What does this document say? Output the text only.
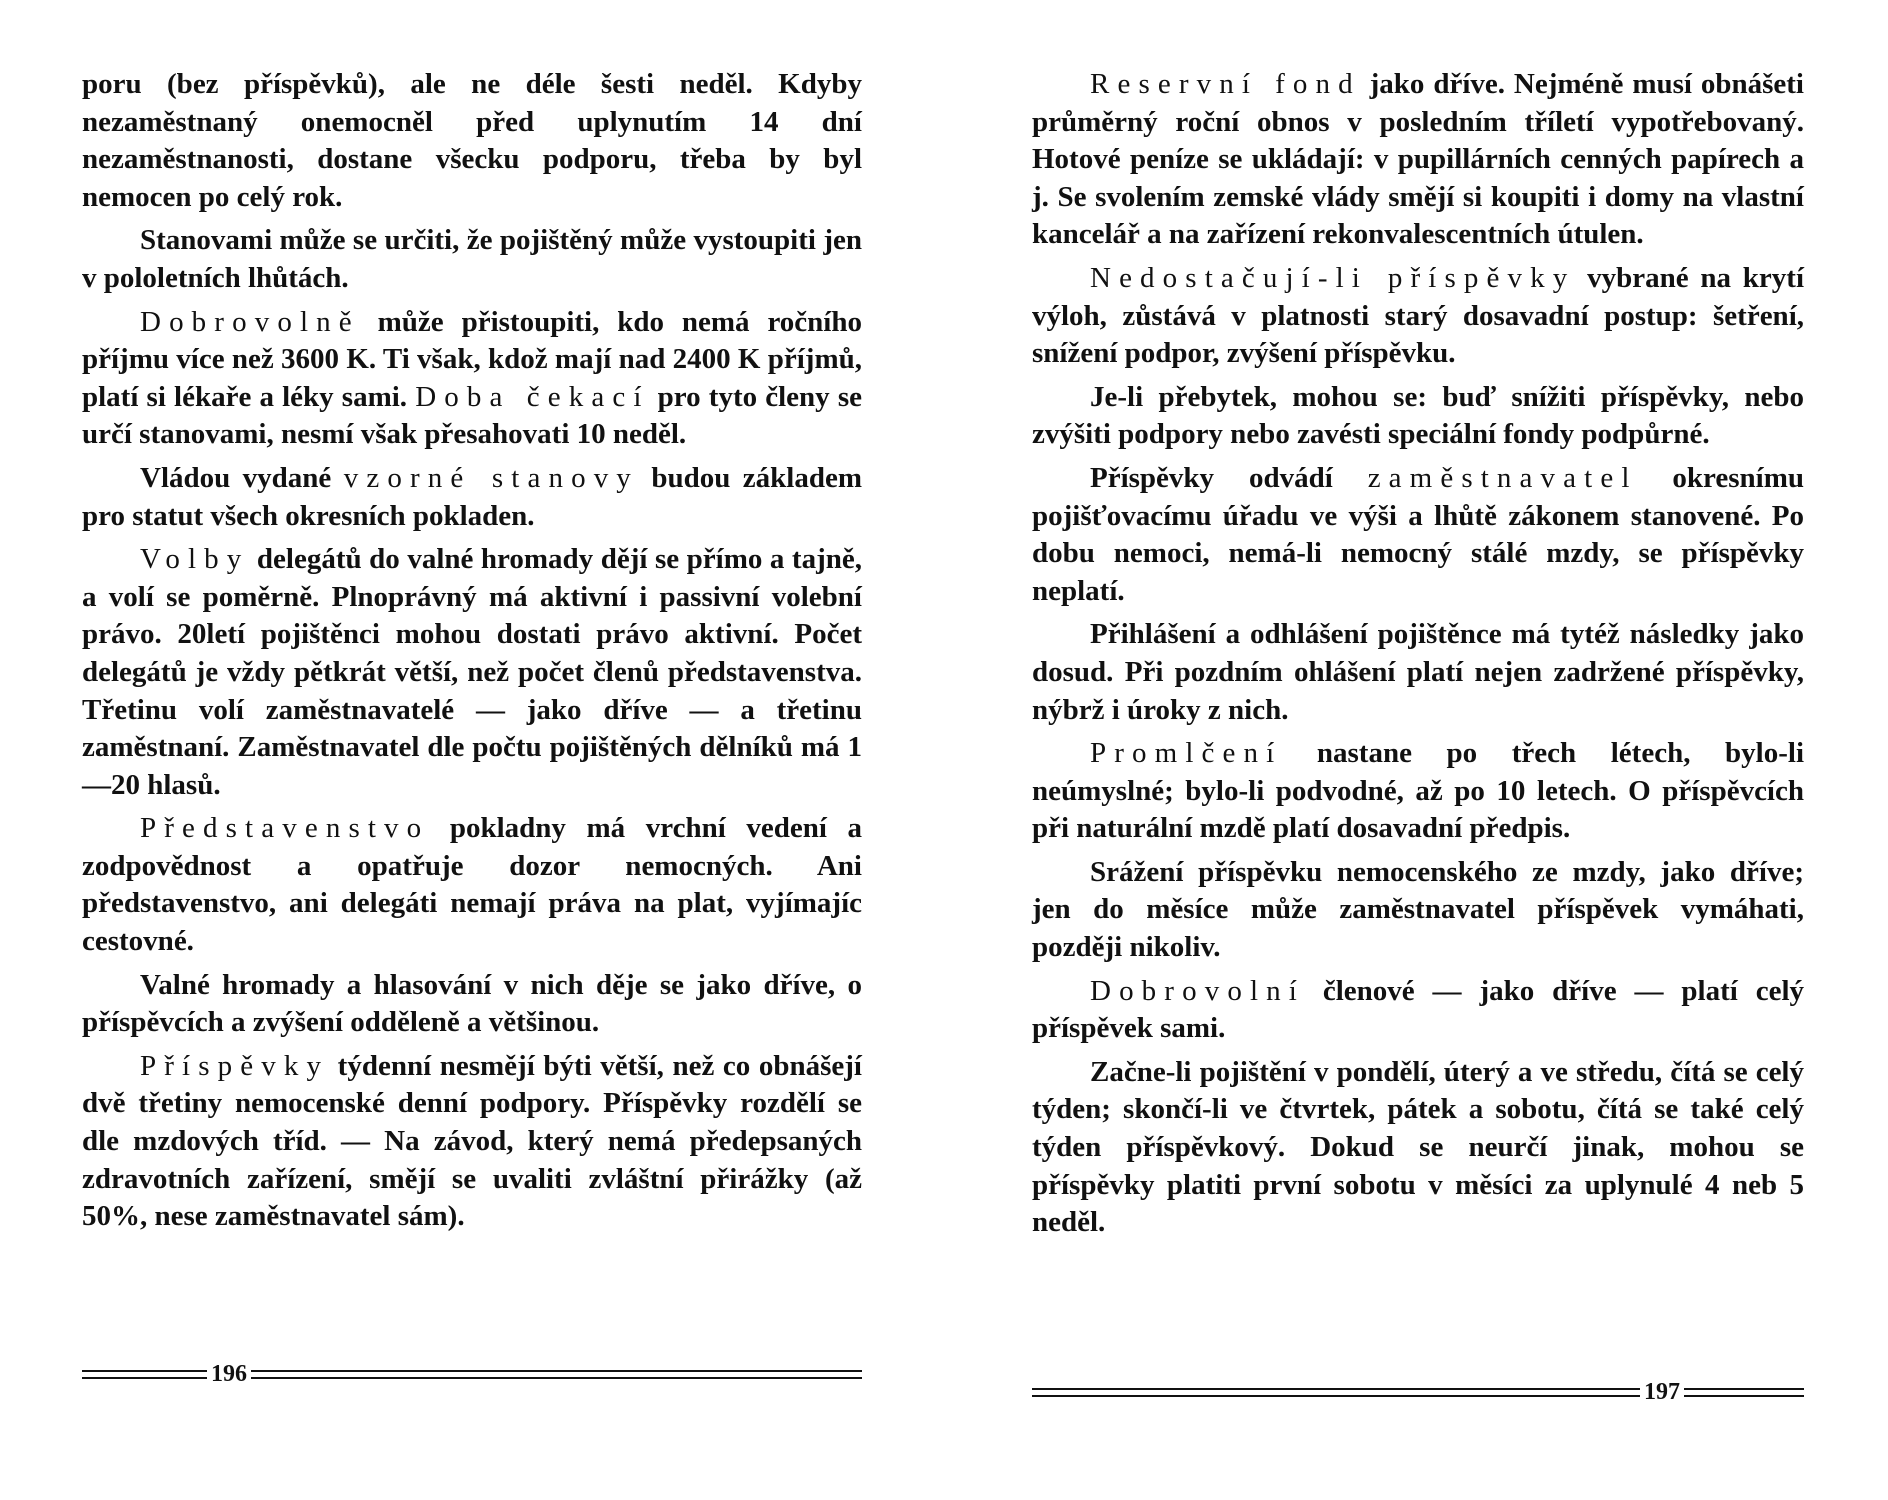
poru (bez příspěvků), ale ne déle šesti neděl. Kdyby nezaměstnaný onemocněl před uplynutím 14 dní nezaměstnanosti, dostane všecku podporu, třeba by byl nemocen po celý rok.

Stanovami může se určiti, že pojištěný může vystoupiti jen v pololetních lhůtách.

Dobrovolně může přistoupiti, kdo nemá ročního příjmu více než 3600 K. Ti však, kdož mají nad 2400 K příjmů, platí si lékaře a léky sami. Doba čekací pro tyto členy se určí stanovami, nesmí však přesahovati 10 neděl.

Vládou vydané vzorné stanovy budou základem pro statut všech okresních pokladen.

Volby delegátů do valné hromady dějí se přímo a tajně, a volí se poměrně. Plnoprávný má aktivní i passivní volební právo. 20letí pojištěnci mohou dostati právo aktivní. Počet delegátů je vždy pětkrát větší, než počet členů představenstva. Třetinu volí zaměstnavatelé — jako dříve — a třetinu zaměstnaní. Zaměstnavatel dle počtu pojištěných dělníků má 1—20 hlasů.

Představenstvo pokladny má vrchní vedení a zodpovědnost a opatřuje dozor nemocných. Ani představenstvo, ani delegáti nemají práva na plat, vyjímajíc cestovné.

Valné hromady a hlasování v nich děje se jako dříve, o příspěvcích a zvýšení odděleně a většinou.

Příspěvky týdenní nesmějí býti větší, než co obnášejí dvě třetiny nemocenské denní podpory. Příspěvky rozdělí se dle mzdových tříd. — Na závod, který nemá předepsaných zdravotních zařízení, smějí se uvaliti zvláštní přirážky (až 50%, nese zaměstnavatel sám).

196

Reservní fond jako dříve. Nejméně musí obnášeti průměrný roční obnos v posledním tříletí vypotřebovaný. Hotové peníze se ukládají: v pupillárních cenných papírech a j. Se svolením zemské vlády smějí si koupiti i domy na vlastní kancelář a na zařízení rekonvalescentních útulen.

Nedostačují-li příspěvky vybrané na krytí výloh, zůstává v platnosti starý dosavadní postup: šetření, snížení podpor, zvýšení příspěvku.

Je-li přebytek, mohou se: buď snížiti příspěvky, nebo zvýšiti podpory nebo zavésti speciální fondy podpůrné.

Příspěvky odvádí zaměstnavatel okresnímu pojišťovacímu úřadu ve výši a lhůtě zákonem stanovené. Po dobu nemoci, nemá-li nemocný stálé mzdy, se příspěvky neplatí.

Přihlášení a odhlášení pojištěnce má tytéž následky jako dosud. Při pozdním ohlášení platí nejen zadržené příspěvky, nýbrž i úroky z nich.

Promlčení nastane po třech létech, bylo-li neúmyslné; bylo-li podvodné, až po 10 letech. O příspěvcích při naturální mzdě platí dosavadní předpis.

Srážení příspěvku nemocenského ze mzdy, jako dříve; jen do měsíce může zaměstnavatel příspěvek vymáhati, později nikoliv.

Dobrovolní členové — jako dříve — platí celý příspěvek sami.

Začne-li pojištění v pondělí, úterý a ve středu, čítá se celý týden; skončí-li ve čtvrtek, pátek a sobotu, čítá se také celý týden příspěvkový. Dokud se neurčí jinak, mohou se příspěvky platiti první sobotu v měsíci za uplynulé 4 neb 5 neděl.

197
